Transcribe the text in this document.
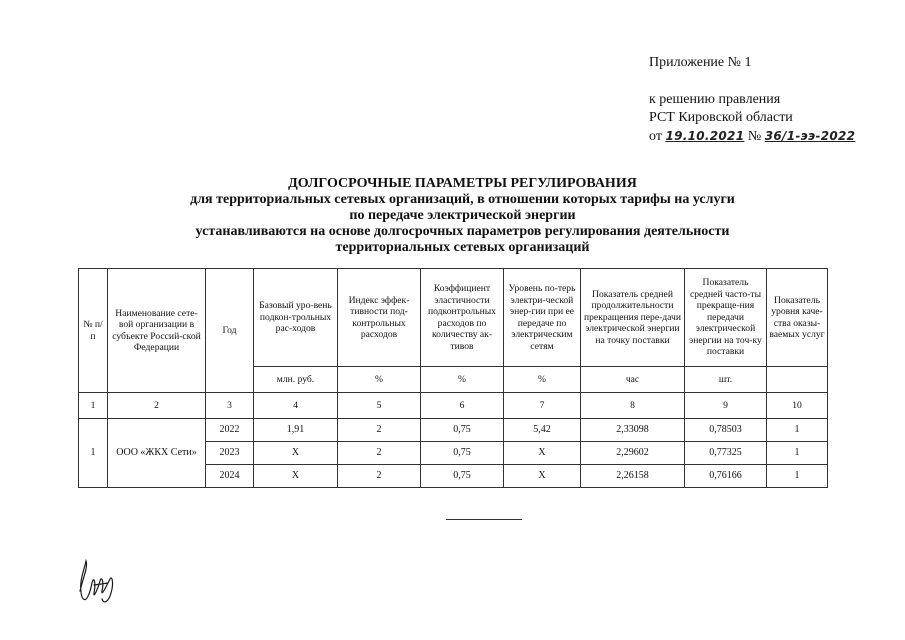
Приложение № 1
к решению правления
РСТ Кировской области
от 19.10.2021 № 36/1-ээ-2022
ДОЛГОСРОЧНЫЕ ПАРАМЕТРЫ РЕГУЛИРОВАНИЯ
для территориальных сетевых организаций, в отношении которых тарифы на услуги
по передаче электрической энергии
устанавливаются на основе долгосрочных параметров регулирования деятельности
территориальных сетевых организаций
№ п/п	Наименование сете-вой организации в субъекте Россий-ской Федерации	Год	Базовый уро-вень подкон-трольных рас-ходов	Индекс эффек-тивности под-контрольных расходов	Коэффициент эластичности подконтрольных расходов по количеству ак-тивов	Уровень по-терь электри-ческой энер-гии при ее передаче по электрическим сетям	Показатель средней продолжительности прекращения пере-дачи электрической энергии на точку поставки	Показатель средней часто-ты прекраще-ния передачи электрической энергии на точ-ку поставки	Показатель уровня каче-ства оказы-ваемых услуг
			млн. руб.	%	%	%	час	шт.	
1	2	3	4	5	6	7	8	9	10
1	ООО «ЖКХ Сети»	2022	1,91	2	0,75	5,42	2,33098	0,78503	1
		2023	Х	2	0,75	Х	2,29602	0,77325	1
		2024	Х	2	0,75	Х	2,26158	0,76166	1
